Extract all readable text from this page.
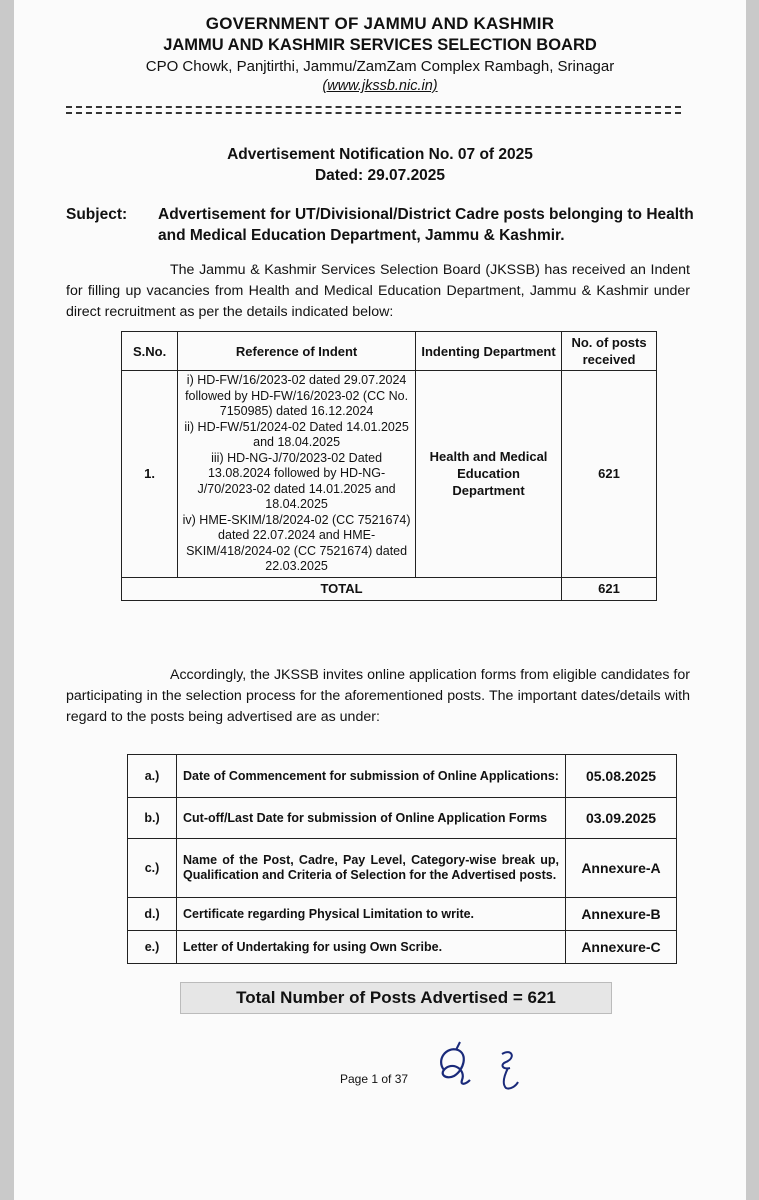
GOVERNMENT OF JAMMU AND KASHMIR
JAMMU AND KASHMIR SERVICES SELECTION BOARD
CPO Chowk, Panjtirthi, Jammu/ZamZam Complex Rambagh, Srinagar
(www.jkssb.nic.in)
Advertisement Notification No. 07 of 2025
Dated: 29.07.2025
Subject: Advertisement for UT/Divisional/District Cadre posts belonging to Health and Medical Education Department, Jammu & Kashmir.
The Jammu & Kashmir Services Selection Board (JKSSB) has received an Indent for filling up vacancies from Health and Medical Education Department, Jammu & Kashmir under direct recruitment as per the details indicated below:
S.No.	Reference of Indent	Indenting Department	No. of posts received
1.	i) HD-FW/16/2023-02 dated 29.07.2024 followed by HD-FW/16/2023-02 (CC No. 7150985) dated 16.12.2024
ii) HD-FW/51/2024-02 Dated 14.01.2025 and 18.04.2025
iii) HD-NG-J/70/2023-02 Dated 13.08.2024 followed by HD-NG-J/70/2023-02 dated 14.01.2025 and 18.04.2025
iv) HME-SKIM/18/2024-02 (CC 7521674) dated 22.07.2024 and HME-SKIM/418/2024-02 (CC 7521674) dated 22.03.2025	Health and Medical Education Department	621
TOTAL			621
Accordingly, the JKSSB invites online application forms from eligible candidates for participating in the selection process for the aforementioned posts. The important dates/details with regard to the posts being advertised are as under:
a.)	Date of Commencement for submission of Online Applications:	05.08.2025
b.)	Cut-off/Last Date for submission of Online Application Forms	03.09.2025
c.)	Name of the Post, Cadre, Pay Level, Category-wise break up, Qualification and Criteria of Selection for the Advertised posts.	Annexure-A
d.)	Certificate regarding Physical Limitation to write.	Annexure-B
e.)	Letter of Undertaking for using Own Scribe.	Annexure-C
Total Number of Posts Advertised = 621
Page 1 of 37
